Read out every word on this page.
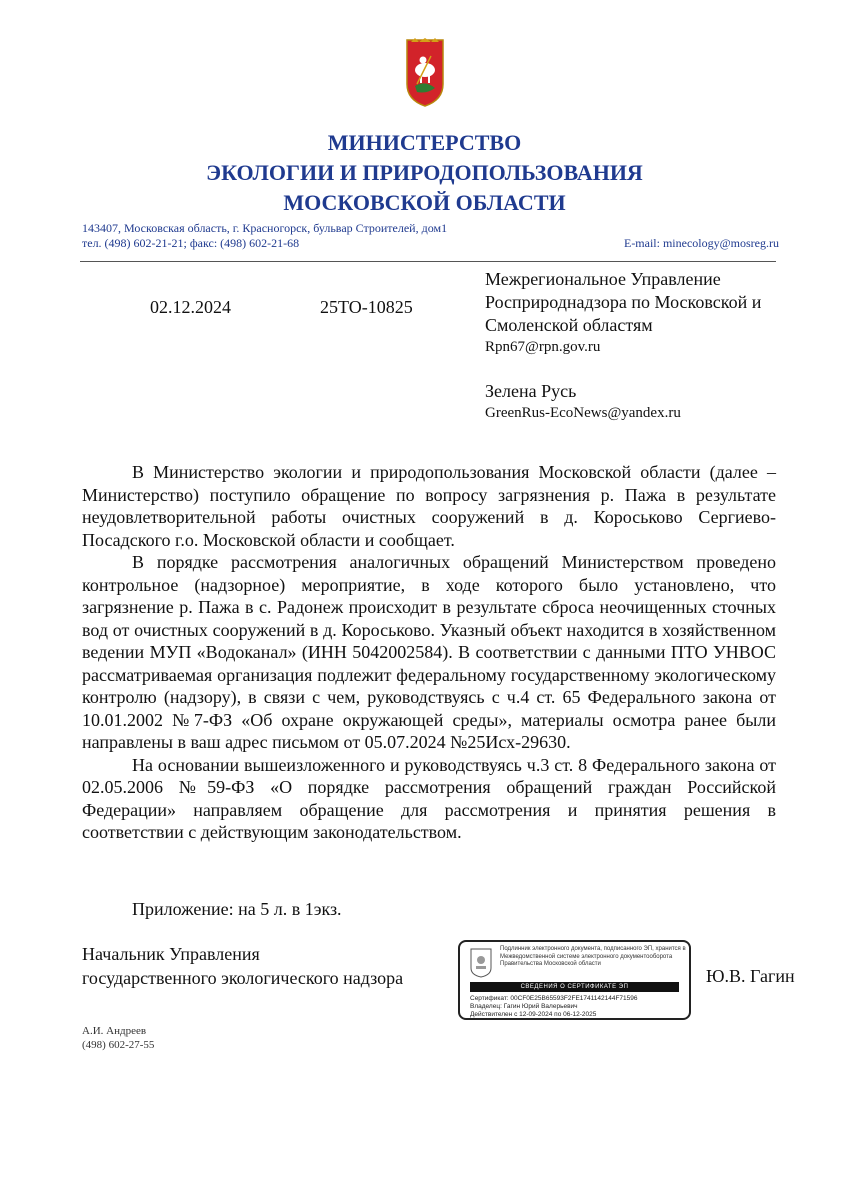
МИНИСТЕРСТВО
ЭКОЛОГИИ И ПРИРОДОПОЛЬЗОВАНИЯ
МОСКОВСКОЙ ОБЛАСТИ
143407, Московская область, г. Красногорск, бульвар Строителей, дом1
тел. (498) 602-21-21; факс: (498) 602-21-68	E-mail: minecology@mosreg.ru
02.12.2024	25ТО-10825
Межрегиональное Управление
Росприроднадзора по Московской и
Смоленской областям
Rpn67@rpn.gov.ru
Зелена Русь
GreenRus-EcoNews@yandex.ru

В Министерство экологии и природопользования Московской области (далее – Министерство) поступило обращение по вопросу загрязнения р. Пажа в результате неудовлетворительной работы очистных сооружений в д. Короськово Сергиево-Посадского г.о. Московской области и сообщает.

В порядке рассмотрения аналогичных обращений Министерством проведено контрольное (надзорное) мероприятие, в ходе которого было установлено, что загрязнение р. Пажа в с. Радонеж происходит в результате сброса неочищенных сточных вод от очистных сооружений в д. Короськово. Указный объект находится в хозяйственном ведении МУП «Водоканал» (ИНН 5042002584). В соответствии с данными ПТО УНВОС рассматриваемая организация подлежит федеральному государственному экологическому контролю (надзору), в связи с чем, руководствуясь с ч.4 ст. 65 Федерального закона от 10.01.2002 №7-ФЗ «Об охране окружающей среды», материалы осмотра ранее были направлены в ваш адрес письмом от 05.07.2024 №25Исх-29630.

На основании вышеизложенного и руководствуясь ч.3 ст. 8 Федерального закона от 02.05.2006 №59-ФЗ «О порядке рассмотрения обращений граждан Российской Федерации» направляем обращение для рассмотрения и принятия решения в соответствии с действующим законодательством.

Приложение: на 5 л. в 1экз.
Начальник Управления
государственного экологического надзора	Ю.В. Гагин
Подлинник электронного документа, подписанного ЭП, хранится в Межведомственной системе электронного документооборота Правительства Московской области
СВЕДЕНИЯ О СЕРТИФИКАТЕ ЭП
Сертификат: 00CF0E25B65593F2FE1741142144F71596
Владелец: Гагин Юрий Валерьевич
Действителен с 12-09-2024 по 06-12-2025
А.И. Андреев
(498) 602-27-55
